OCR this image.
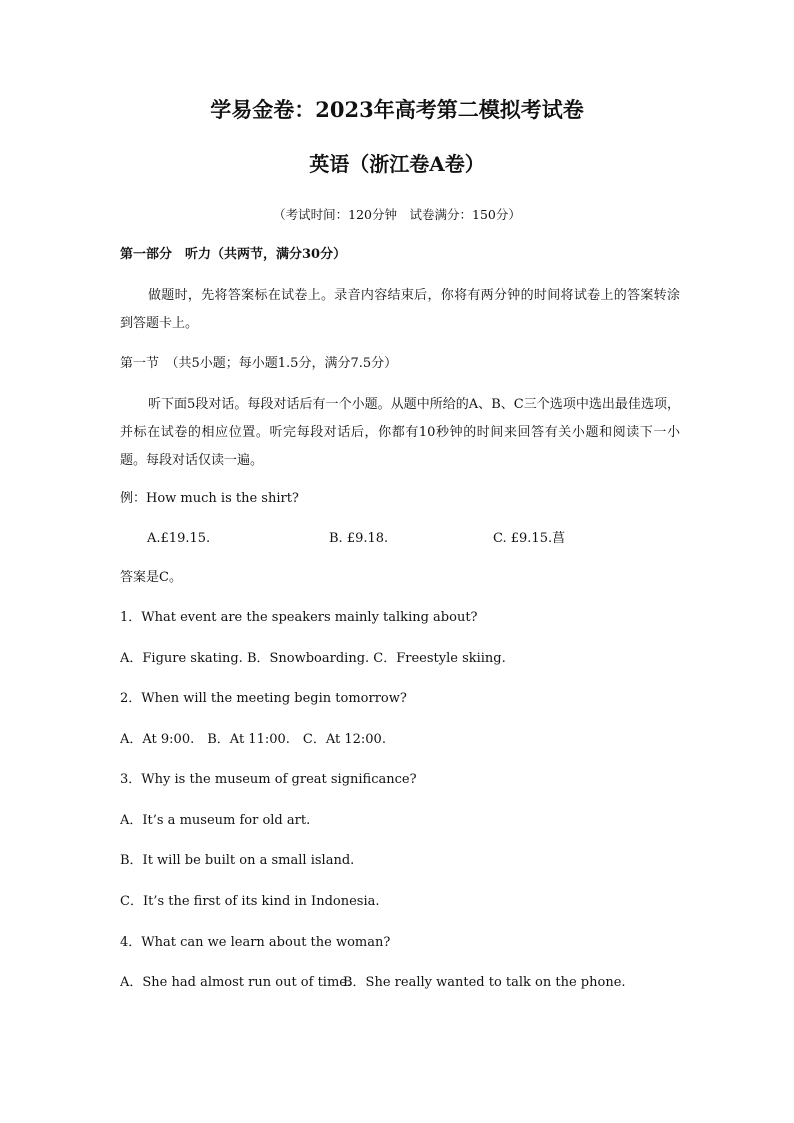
学易金卷：2023年高考第二模拟考试卷
英语（浙江卷A卷）
（考试时间：120分钟　试卷满分：150分）
第一部分　听力（共两节，满分30分）
做题时，先将答案标在试卷上。录音内容结束后，你将有两分钟的时间将试卷上的答案转涂到答题卡上。
第一节　（共5小题；每小题1.5分，满分7.5分）
听下面5段对话。每段对话后有一个小题。从题中所给的A、B、C三个选项中选出最佳选项，并标在试卷的相应位置。听完每段对话后，你都有10秒钟的时间来回答有关小题和阅读下一小题。每段对话仅读一遍。
例：How much is the shirt?
A.£19.15.	B. £9.18.	C. £9.15.菖
答案是C。
1．What event are the speakers mainly talking about?
A．Figure skating. B．Snowboarding. C．Freestyle skiing.
2．When will the meeting begin tomorrow?
A．At 9:00.　B．At 11:00.　C．At 12:00.
3．Why is the museum of great significance?
A．It’s a museum for old art.
B．It will be built on a small island.
C．It’s the first of its kind in Indonesia.
4．What can we learn about the woman?
A．She had almost run out of time.
B．She really wanted to talk on the phone.
